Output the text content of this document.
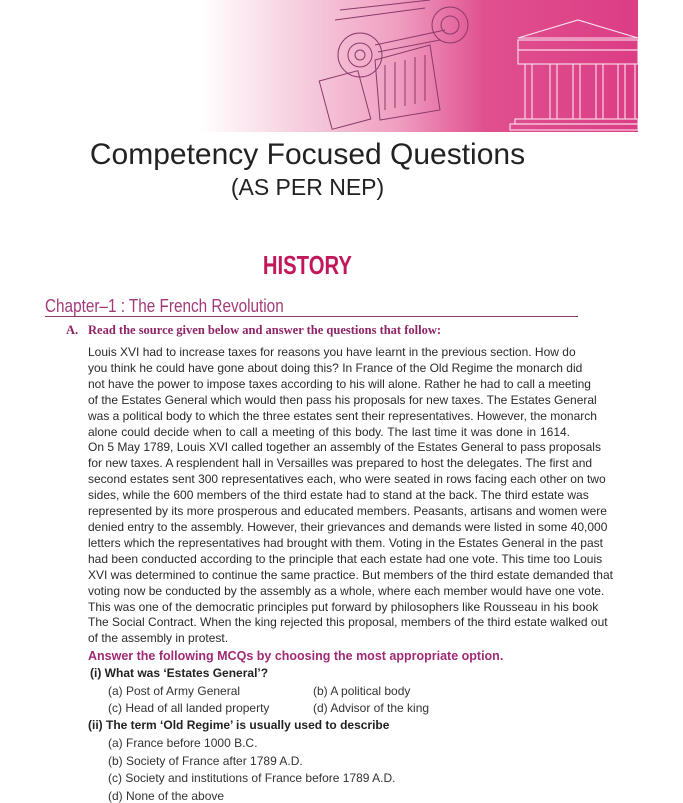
Competency Focused Questions
(AS PER NEP)
HISTORY
Chapter–1 : The French Revolution
A. Read the source given below and answer the questions that follow:
Louis XVI had to increase taxes for reasons you have learnt in the previous section. How do
you think he could have gone about doing this? In France of the Old Regime the monarch did
not have the power to impose taxes according to his will alone. Rather he had to call a meeting
of the Estates General which would then pass his proposals for new taxes. The Estates General
was a political body to which the three estates sent their representatives. However, the monarch
alone could decide when to call a meeting of this body. The last time it was done in 1614.
On 5 May 1789, Louis XVI called together an assembly of the Estates General to pass proposals
for new taxes. A resplendent hall in Versailles was prepared to host the delegates. The first and
second estates sent 300 representatives each, who were seated in rows facing each other on two
sides, while the 600 members of the third estate had to stand at the back. The third estate was
represented by its more prosperous and educated members. Peasants, artisans and women were
denied entry to the assembly. However, their grievances and demands were listed in some 40,000
letters which the representatives had brought with them. Voting in the Estates General in the past
had been conducted according to the principle that each estate had one vote. This time too Louis
XVI was determined to continue the same practice. But members of the third estate demanded that
voting now be conducted by the assembly as a whole, where each member would have one vote.
This was one of the democratic principles put forward by philosophers like Rousseau in his book
The Social Contract. When the king rejected this proposal, members of the third estate walked out
of the assembly in protest.
Answer the following MCQs by choosing the most appropriate option.
(i) What was ‘Estates General’?
(a) Post of Army General	(b) A political body
(c) Head of all landed property	(d) Advisor of the king
(ii) The term ‘Old Regime’ is usually used to describe
(a) France before 1000 B.C.
(b) Society of France after 1789 A.D.
(c) Society and institutions of France before 1789 A.D.
(d) None of the above
